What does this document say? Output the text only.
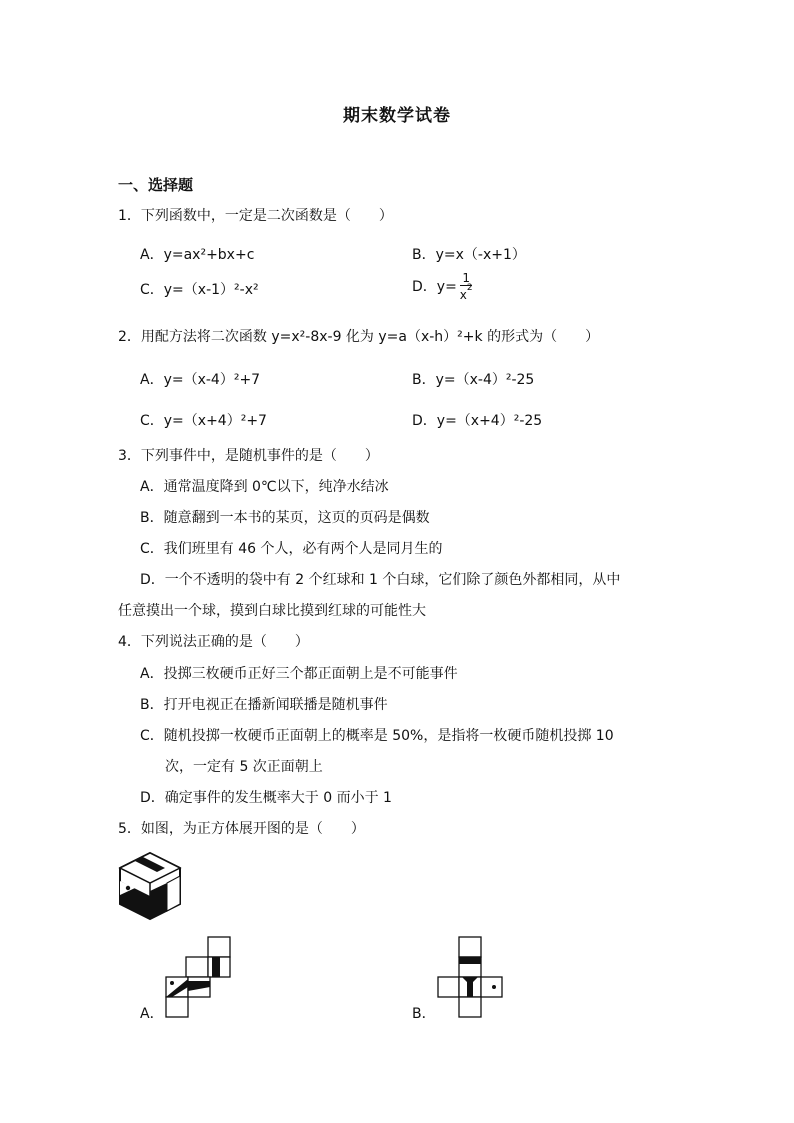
期末数学试卷
一、选择题
1．下列函数中，一定是二次函数是（　　）
A．y=ax²+bx+c	B．y=x（-x+1）
C．y=（x-1）²-x²	D．$y= \frac{1}{x^2}$
2．用配方法将二次函数 y=x²-8x-9 化为 y=a（x-h）²+k 的形式为（　　）
A．y=（x-4）²+7	B．y=（x-4）²-25
C．y=（x+4）²+7	D．y=（x+4）²-25
3．下列事件中，是随机事件的是（　　）
A．通常温度降到 0℃以下，纯净水结冰
B．随意翻到一本书的某页，这页的页码是偶数
C．我们班里有 46 个人，必有两个人是同月生的
D．一个不透明的袋中有 2 个红球和 1 个白球，它们除了颜色外都相同，从中
任意摸出一个球，摸到白球比摸到红球的可能性大
4．下列说法正确的是（　　）
A．投掷三枚硬币正好三个都正面朝上是不可能事件
B．打开电视正在播新闻联播是随机事件
C．随机投掷一枚硬币正面朝上的概率是 50%，是指将一枚硬币随机投掷 10
次，一定有 5 次正面朝上
D．确定事件的发生概率大于 0 而小于 1
5．如图，为正方体展开图的是（　　）
A．	B．
